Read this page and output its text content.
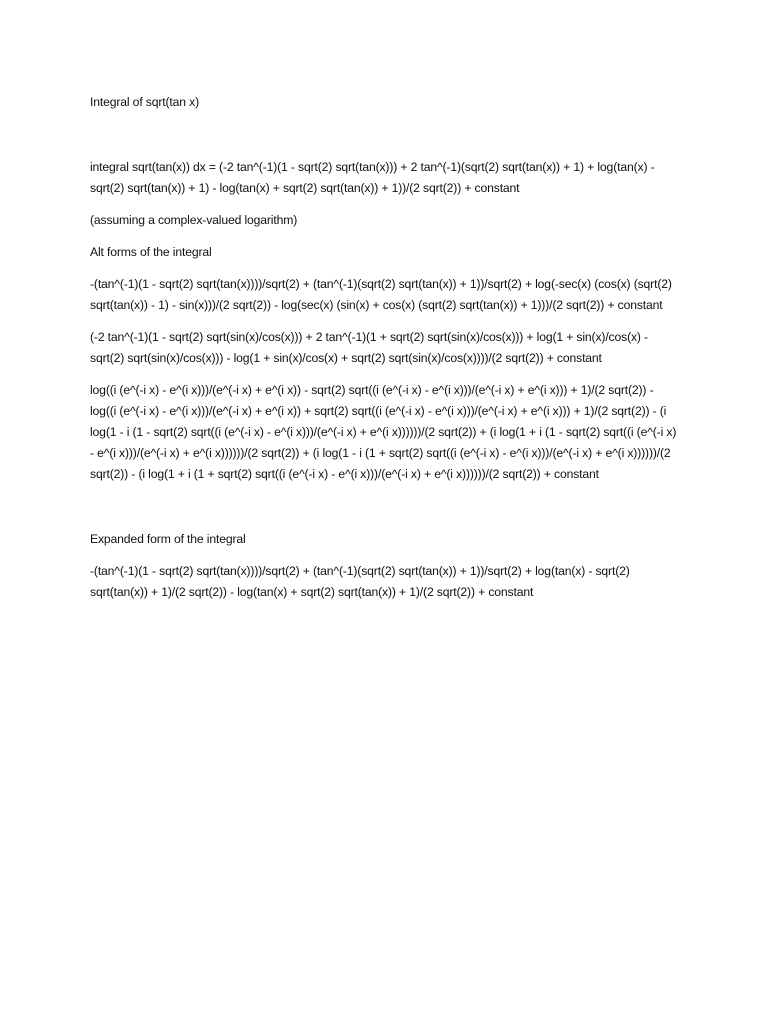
Integral of sqrt(tan x)

integral sqrt(tan(x)) dx = (-2 tan^(-1)(1 - sqrt(2) sqrt(tan(x))) + 2 tan^(-1)(sqrt(2) sqrt(tan(x)) + 1) + log(tan(x) - sqrt(2) sqrt(tan(x)) + 1) - log(tan(x) + sqrt(2) sqrt(tan(x)) + 1))/(2 sqrt(2)) + constant

(assuming a complex-valued logarithm)

Alt forms of the integral

-(tan^(-1)(1 - sqrt(2) sqrt(tan(x))))/sqrt(2) + (tan^(-1)(sqrt(2) sqrt(tan(x)) + 1))/sqrt(2) + log(-sec(x) (cos(x) (sqrt(2) sqrt(tan(x)) - 1) - sin(x)))/(2 sqrt(2)) - log(sec(x) (sin(x) + cos(x) (sqrt(2) sqrt(tan(x)) + 1)))/(2 sqrt(2)) + constant

(-2 tan^(-1)(1 - sqrt(2) sqrt(sin(x)/cos(x))) + 2 tan^(-1)(1 + sqrt(2) sqrt(sin(x)/cos(x))) + log(1 + sin(x)/cos(x) - sqrt(2) sqrt(sin(x)/cos(x))) - log(1 + sin(x)/cos(x) + sqrt(2) sqrt(sin(x)/cos(x))))/(2 sqrt(2)) + constant

log((i (e^(-i x) - e^(i x)))/(e^(-i x) + e^(i x)) - sqrt(2) sqrt((i (e^(-i x) - e^(i x)))/(e^(-i x) + e^(i x))) + 1)/(2 sqrt(2)) - log((i (e^(-i x) - e^(i x)))/(e^(-i x) + e^(i x)) + sqrt(2) sqrt((i (e^(-i x) - e^(i x)))/(e^(-i x) + e^(i x))) + 1)/(2 sqrt(2)) - (i log(1 - i (1 - sqrt(2) sqrt((i (e^(-i x) - e^(i x)))/(e^(-i x) + e^(i x))))))/(2 sqrt(2)) + (i log(1 + i (1 - sqrt(2) sqrt((i (e^(-i x) - e^(i x)))/(e^(-i x) + e^(i x))))))/(2 sqrt(2)) + (i log(1 - i (1 + sqrt(2) sqrt((i (e^(-i x) - e^(i x)))/(e^(-i x) + e^(i x))))))/(2 sqrt(2)) - (i log(1 + i (1 + sqrt(2) sqrt((i (e^(-i x) - e^(i x)))/(e^(-i x) + e^(i x))))))/(2 sqrt(2)) + constant

Expanded form of the integral

-(tan^(-1)(1 - sqrt(2) sqrt(tan(x))))/sqrt(2) + (tan^(-1)(sqrt(2) sqrt(tan(x)) + 1))/sqrt(2) + log(tan(x) - sqrt(2) sqrt(tan(x)) + 1)/(2 sqrt(2)) - log(tan(x) + sqrt(2) sqrt(tan(x)) + 1)/(2 sqrt(2)) + constant
